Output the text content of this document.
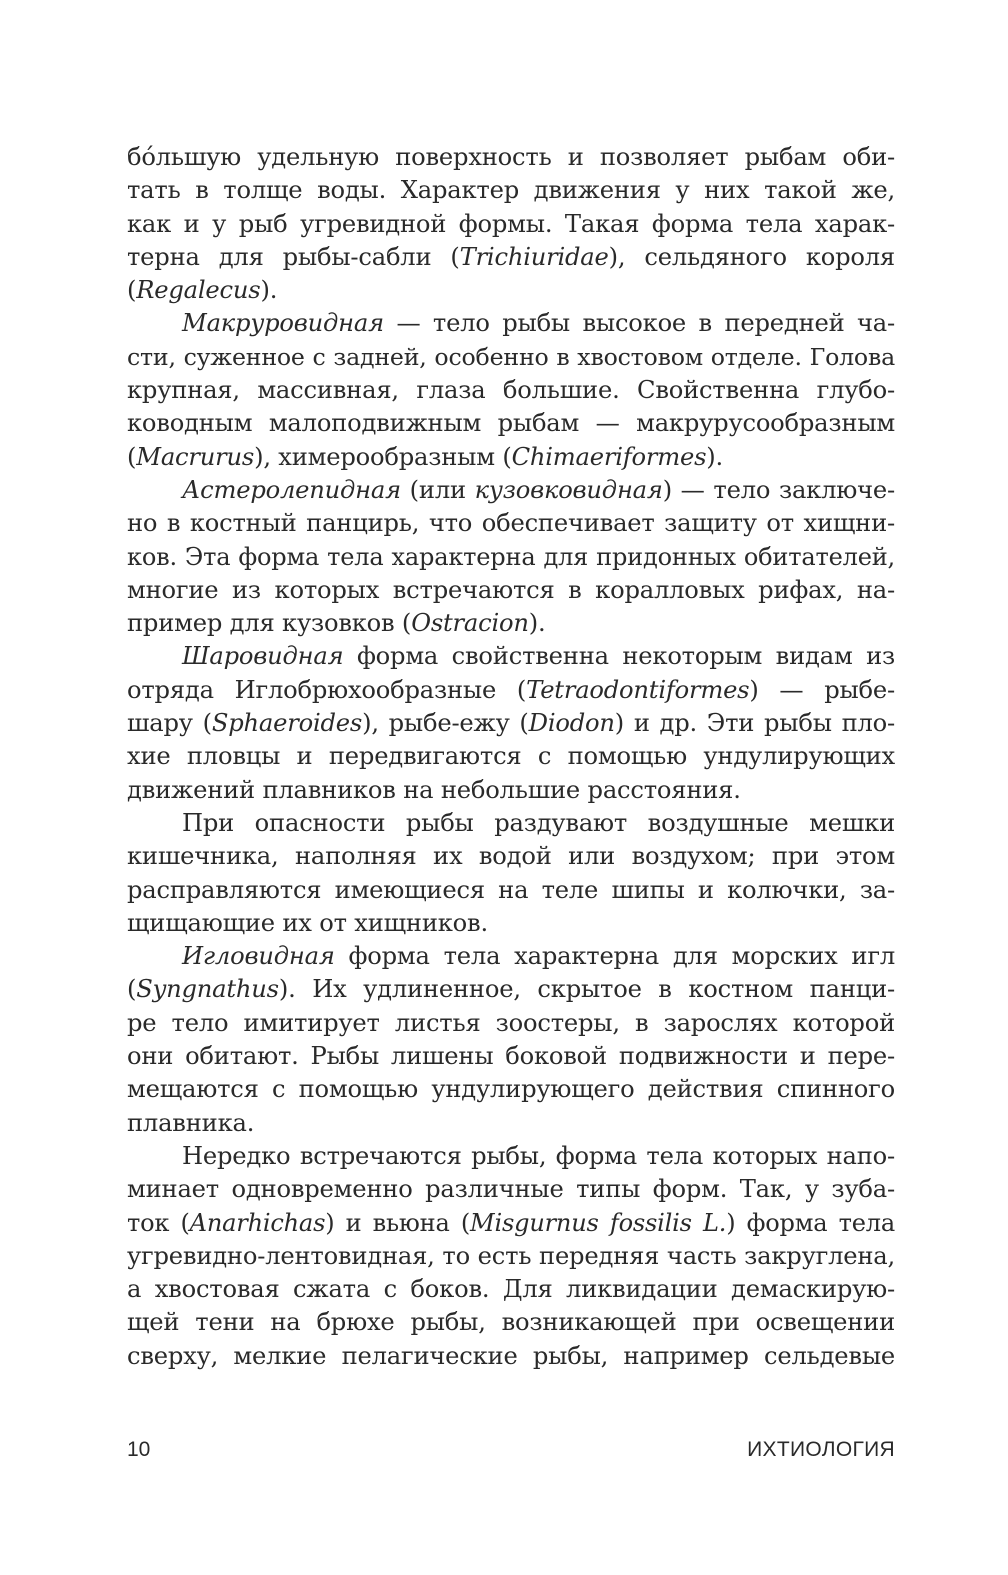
бо́льшую удельную поверхность и позволяет рыбам оби-
тать в толще воды. Характер движения у них такой же,
как и у рыб угревидной формы. Такая форма тела харак-
терна для рыбы-сабли (Trichiuridae), сельдяного короля
(Regalecus).
Макруровидная — тело рыбы высокое в передней ча-
сти, суженное с задней, особенно в хвостовом отделе. Голова
крупная, массивная, глаза большие. Свойственна глубо-
ководным малоподвижным рыбам — макрурусообразным
(Macrurus), химерообразным (Chimaeriformes).
Астеролепидная (или кузовковидная) — тело заключе-
но в костный панцирь, что обеспечивает защиту от хищни-
ков. Эта форма тела характерна для придонных обитателей,
многие из которых встречаются в коралловых рифах, на-
пример для кузовков (Ostracion).
Шаровидная форма свойственна некоторым видам из
отряда Иглобрюхообразные (Tetraodontiformes) — рыбе-
шару (Sphaeroides), рыбе-ежу (Diodon) и др. Эти рыбы пло-
хие пловцы и передвигаются с помощью ундулирующих
движений плавников на небольшие расстояния.
При опасности рыбы раздувают воздушные мешки
кишечника, наполняя их водой или воздухом; при этом
расправляются имеющиеся на теле шипы и колючки, за-
щищающие их от хищников.
Игловидная форма тела характерна для морских игл
(Syngnathus). Их удлиненное, скрытое в костном панци-
ре тело имитирует листья зоостеры, в зарослях которой
они обитают. Рыбы лишены боковой подвижности и пере-
мещаются с помощью ундулирующего действия спинного
плавника.
Нередко встречаются рыбы, форма тела которых напо-
минает одновременно различные типы форм. Так, у зуба-
ток (Anarhichas) и вьюна (Misgurnus fossilis L.) форма тела
угревидно-лентовидная, то есть передняя часть закруглена,
а хвостовая сжата с боков. Для ликвидации демаскирую-
щей тени на брюхе рыбы, возникающей при освещении
сверху, мелкие пелагические рыбы, например сельдевые
10	ИХТИОЛОГИЯ
